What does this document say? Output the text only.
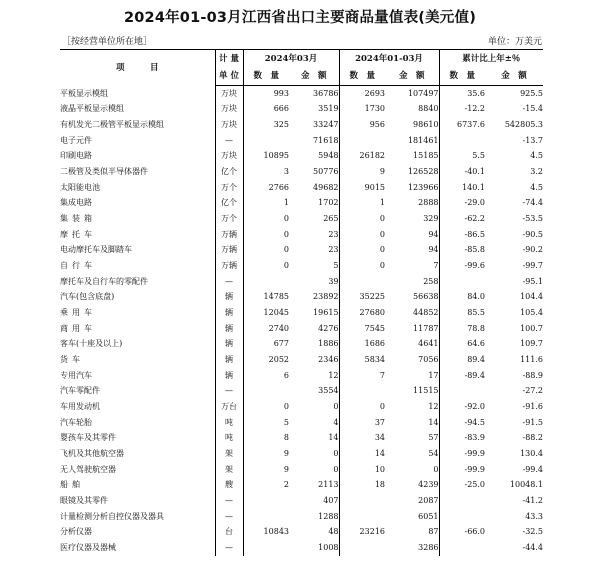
2024年01-03月江西省出口主要商品量值表(美元值)
［按经营单位所在地］	单位：万美元
项　　　目	计 量	2024年03月		2024年01-03月		累计比上年±％	
	单 位	数　量	金　额	数　量	金　额	数　量	金　额
平板显示模组	万块	993	36786	2693	107497	35.6	925.5
液晶平板显示模组	万块	666	3519	1730	8840	-12.2	-15.4
有机发光二极管平板显示模组	万块	325	33247	956	98610	6737.6	542805.3
电子元件	—		71618		181461		-13.7
印刷电路	万块	10895	5948	26182	15185	5.5	4.5
二极管及类似半导体器件	亿个	3	50776	9	126528	-40.1	3.2
太阳能电池	万个	2766	49682	9015	123966	140.1	4.5
集成电路	亿个	1	1702	1	2888	-29.0	-74.4
集装箱	万个	0	265	0	329	-62.2	-53.5
摩托车	万辆	0	23	0	94	-86.5	-90.5
电动摩托车及脚踏车	万辆	0	23	0	94	-85.8	-90.2
自行车	万辆	0	5	0	7	-99.6	-99.7
摩托车及自行车的零配件	—		39		258		-95.1
汽车(包含底盘)	辆	14785	23892	35225	56638	84.0	104.4
乘用车	辆	12045	19615	27680	44852	85.5	105.4
商用车	辆	2740	4276	7545	11787	78.8	100.7
客车(十座及以上)	辆	677	1886	1686	4641	64.6	109.7
货车	辆	2052	2346	5834	7056	89.4	111.6
专用汽车	辆	6	12	7	17	-89.4	-88.9
汽车零配件	—		3554		11515		-27.2
车用发动机	万台	0	0	0	12	-92.0	-91.6
汽车轮胎	吨	5	4	37	14	-94.5	-91.5
婴孩车及其零件	吨	8	14	34	57	-83.9	-88.2
飞机及其他航空器	架	9	0	14	54	-99.9	130.4
无人驾驶航空器	架	9	0	10	0	-99.9	-99.4
船舶	艘	2	2113	18	4239	-25.0	10048.1
眼镜及其零件	—		407		2087		-41.2
计量检测分析自控仪器及器具	—		1288		6051		43.3
分析仪器	台	10843	48	23216	87	-66.0	-32.5
医疗仪器及器械	—		1008		3286		-44.4
